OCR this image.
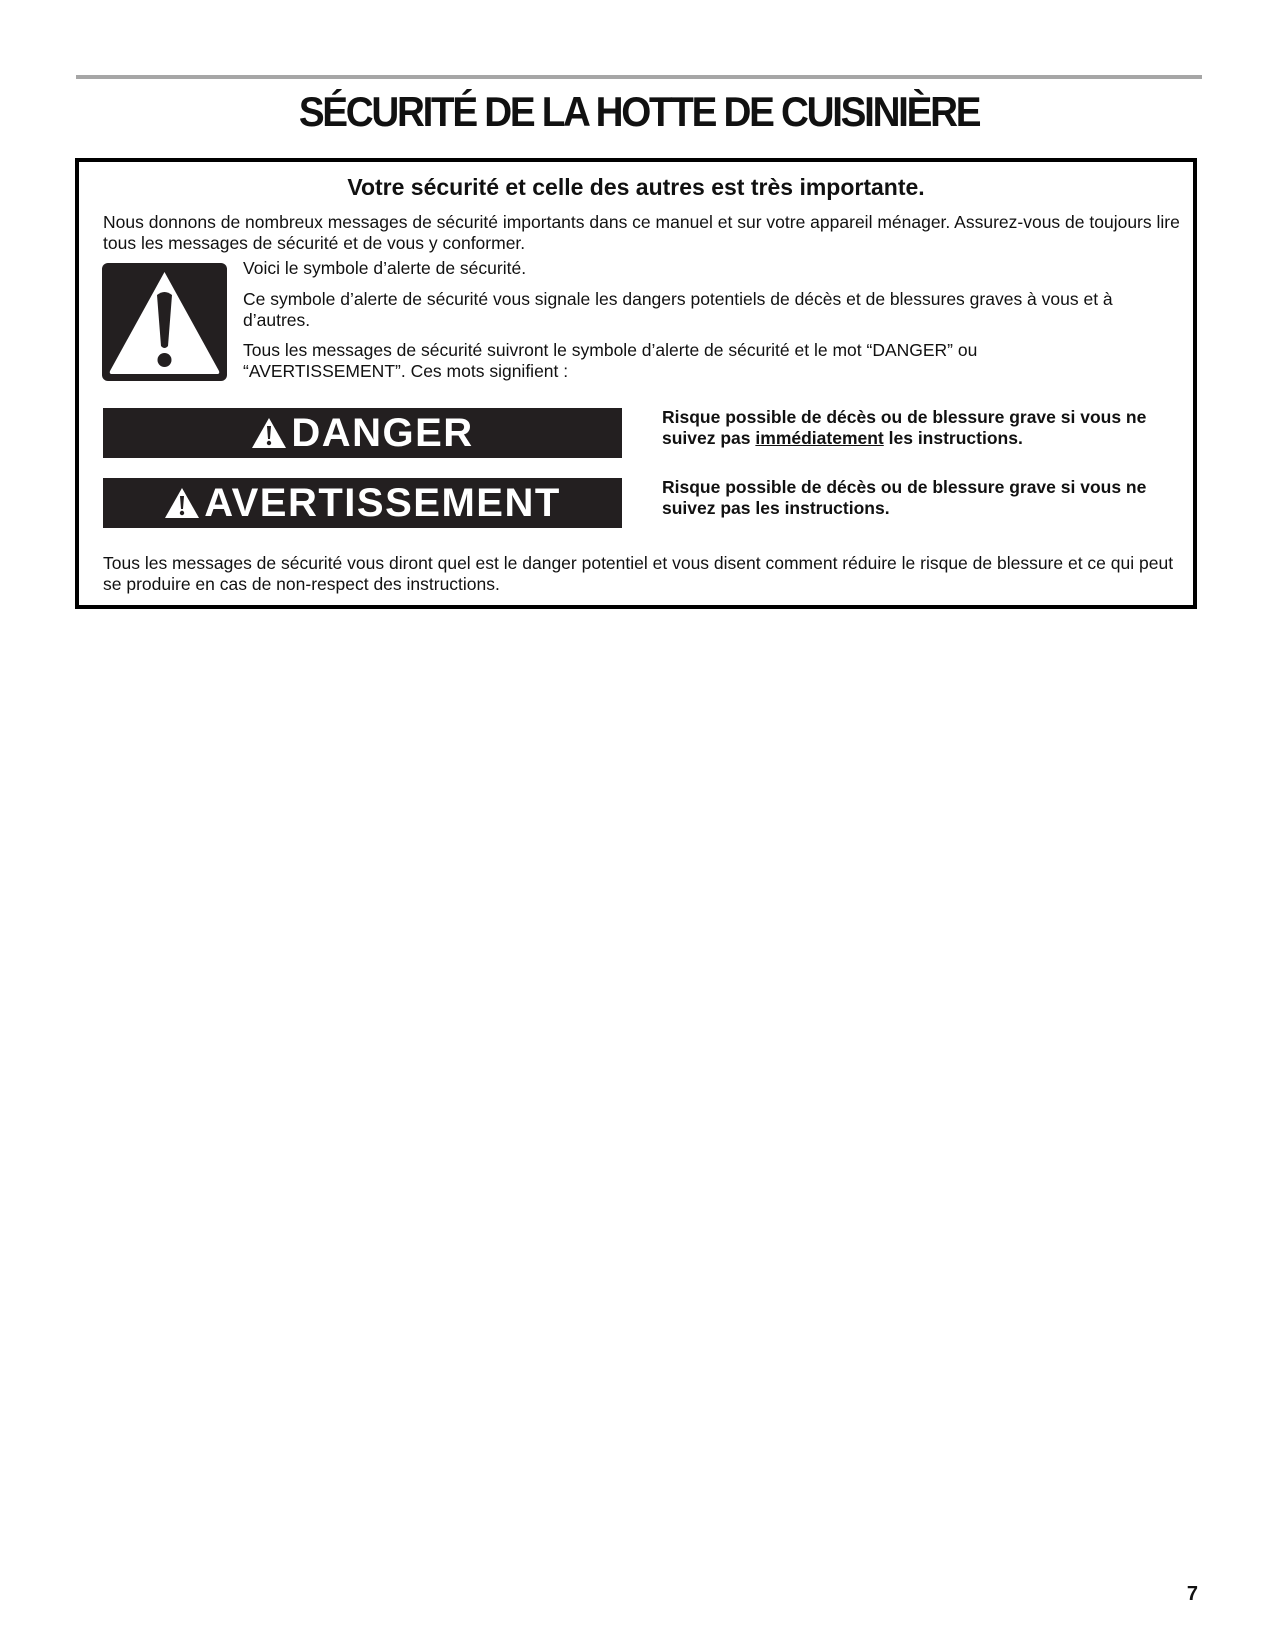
SÉCURITÉ DE LA HOTTE DE CUISINIÈRE
Votre sécurité et celle des autres est très importante.

Nous donnons de nombreux messages de sécurité importants dans ce manuel et sur votre appareil ménager. Assurez-vous de toujours lire tous les messages de sécurité et de vous y conformer.

Voici le symbole d’alerte de sécurité.

Ce symbole d’alerte de sécurité vous signale les dangers potentiels de décès et de blessures graves à vous et à d’autres.

Tous les messages de sécurité suivront le symbole d’alerte de sécurité et le mot “DANGER” ou “AVERTISSEMENT”. Ces mots signifient :

DANGER	Risque possible de décès ou de blessure grave si vous ne suivez pas immédiatement les instructions.

AVERTISSEMENT	Risque possible de décès ou de blessure grave si vous ne suivez pas les instructions.

Tous les messages de sécurité vous diront quel est le danger potentiel et vous disent comment réduire le risque de blessure et ce qui peut se produire en cas de non-respect des instructions.

7
